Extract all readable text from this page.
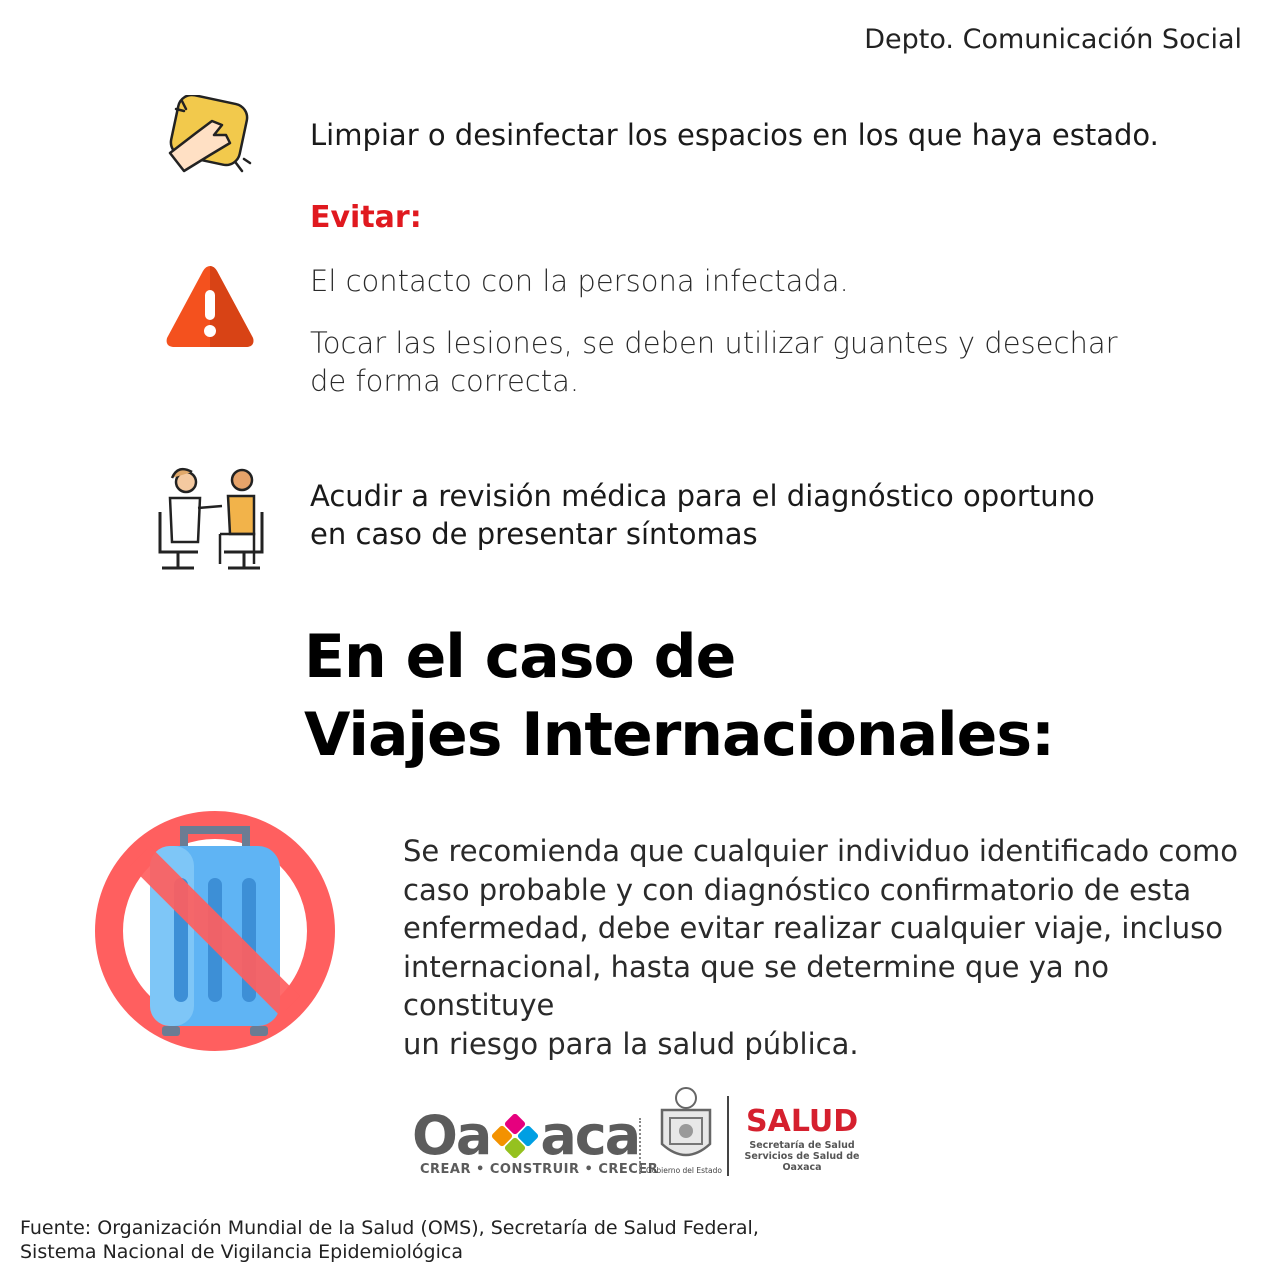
Depto. Comunicación Social
Limpiar o desinfectar los espacios en los que haya estado.
Evitar:
El contacto con la persona infectada.
Tocar las lesiones, se deben utilizar guantes y desechar
de forma correcta.
Acudir a revisión médica para el diagnóstico oportuno
en caso de presentar síntomas
En el caso de
Viajes Internacionales:
Se recomienda que cualquier individuo identificado como
caso probable y con diagnóstico confirmatorio de esta
enfermedad, debe evitar realizar cualquier viaje, incluso
internacional, hasta que se determine que ya no constituye
un riesgo para la salud pública.
Oa aca
CREAR • CONSTRUIR • CRECER
Gobierno del Estado
SALUD
Secretaría de Salud
Servicios de Salud de Oaxaca
Fuente: Organización Mundial de la Salud (OMS), Secretaría de Salud Federal,
Sistema Nacional de Vigilancia Epidemiológica
